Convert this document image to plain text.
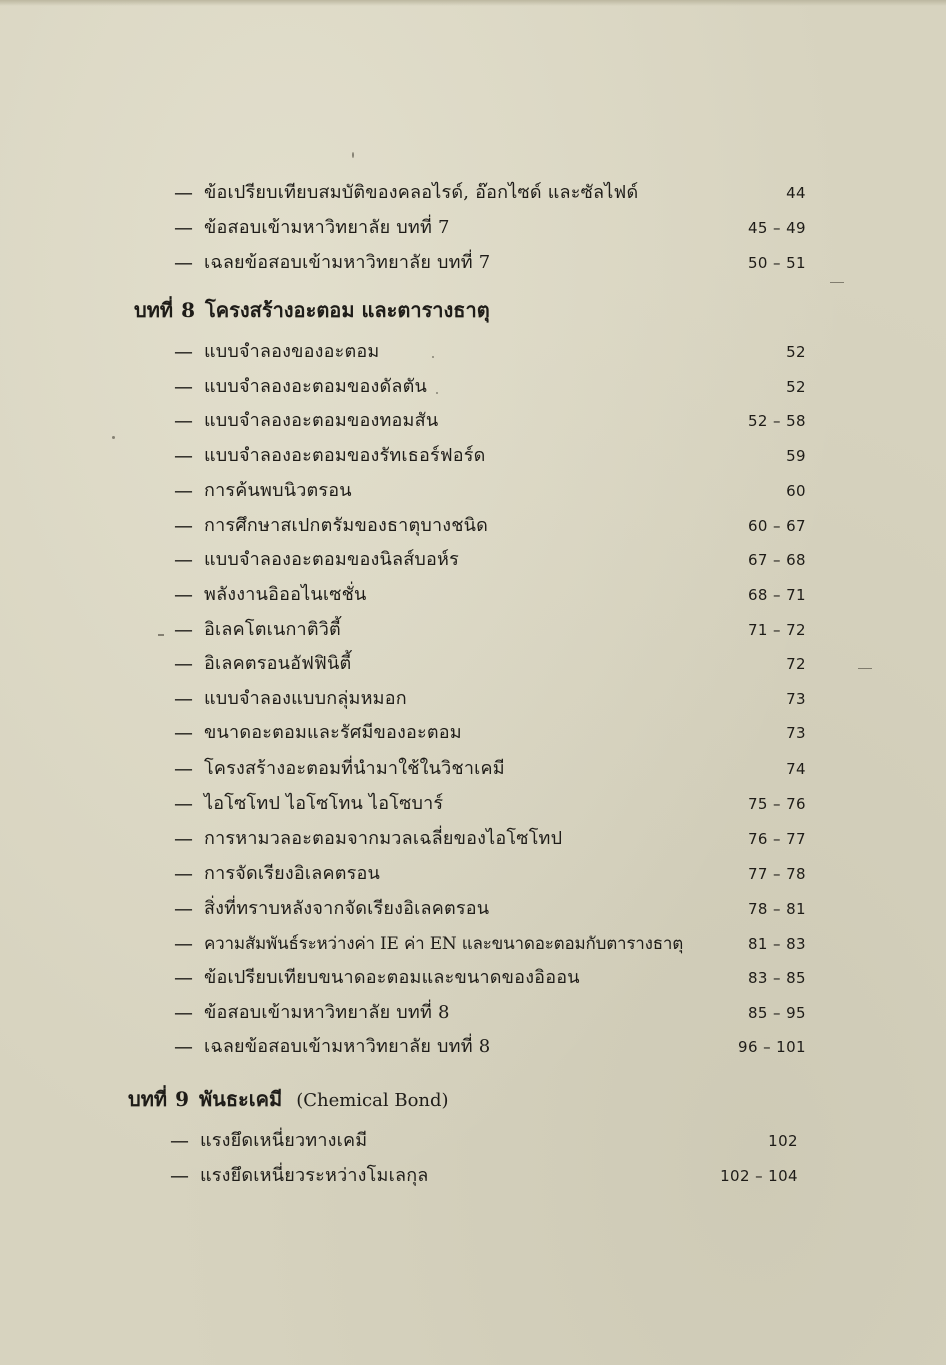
— ข้อเปรียบเทียบสมบัติของคลอไรด์, อ๊อกไซด์ และซัลไฟด์	44
— ข้อสอบเข้ามหาวิทยาลัย บทที่ 7	45 – 49
— เฉลยข้อสอบเข้ามหาวิทยาลัย บทที่ 7	50 – 51
บทที่ 8 โครงสร้างอะตอม และตารางธาตุ
— แบบจำลองของอะตอม	52
— แบบจำลองอะตอมของดัลตัน	52
— แบบจำลองอะตอมของทอมสัน	52 – 58
— แบบจำลองอะตอมของรัทเธอร์ฟอร์ด	59
— การค้นพบนิวตรอน	60
— การศึกษาสเปกตรัมของธาตุบางชนิด	60 – 67
— แบบจำลองอะตอมของนิลส์บอห์ร	67 – 68
— พลังงานอิออไนเซชั่น	68 – 71
— อิเลคโตเนกาติวิตี้	71 – 72
— อิเลคตรอนอัฟฟินิตี้	72
— แบบจำลองแบบกลุ่มหมอก	73
— ขนาดอะตอมและรัศมีของอะตอม	73
— โครงสร้างอะตอมที่นำมาใช้ในวิชาเคมี	74
— ไอโซโทป ไอโซโทน ไอโซบาร์	75 – 76
— การหามวลอะตอมจากมวลเฉลี่ยของไอโซโทป	76 – 77
— การจัดเรียงอิเลคตรอน	77 – 78
— สิ่งที่ทราบหลังจากจัดเรียงอิเลคตรอน	78 – 81
— ความสัมพันธ์ระหว่างค่า IE ค่า EN และขนาดอะตอมกับตารางธาตุ	81 – 83
— ข้อเปรียบเทียบขนาดอะตอมและขนาดของอิออน	83 – 85
— ข้อสอบเข้ามหาวิทยาลัย บทที่ 8	85 – 95
— เฉลยข้อสอบเข้ามหาวิทยาลัย บทที่ 8	96 – 101
บทที่ 9 พันธะเคมี (Chemical Bond)
— แรงยึดเหนี่ยวทางเคมี	102
— แรงยึดเหนี่ยวระหว่างโมเลกุล	102 – 104
